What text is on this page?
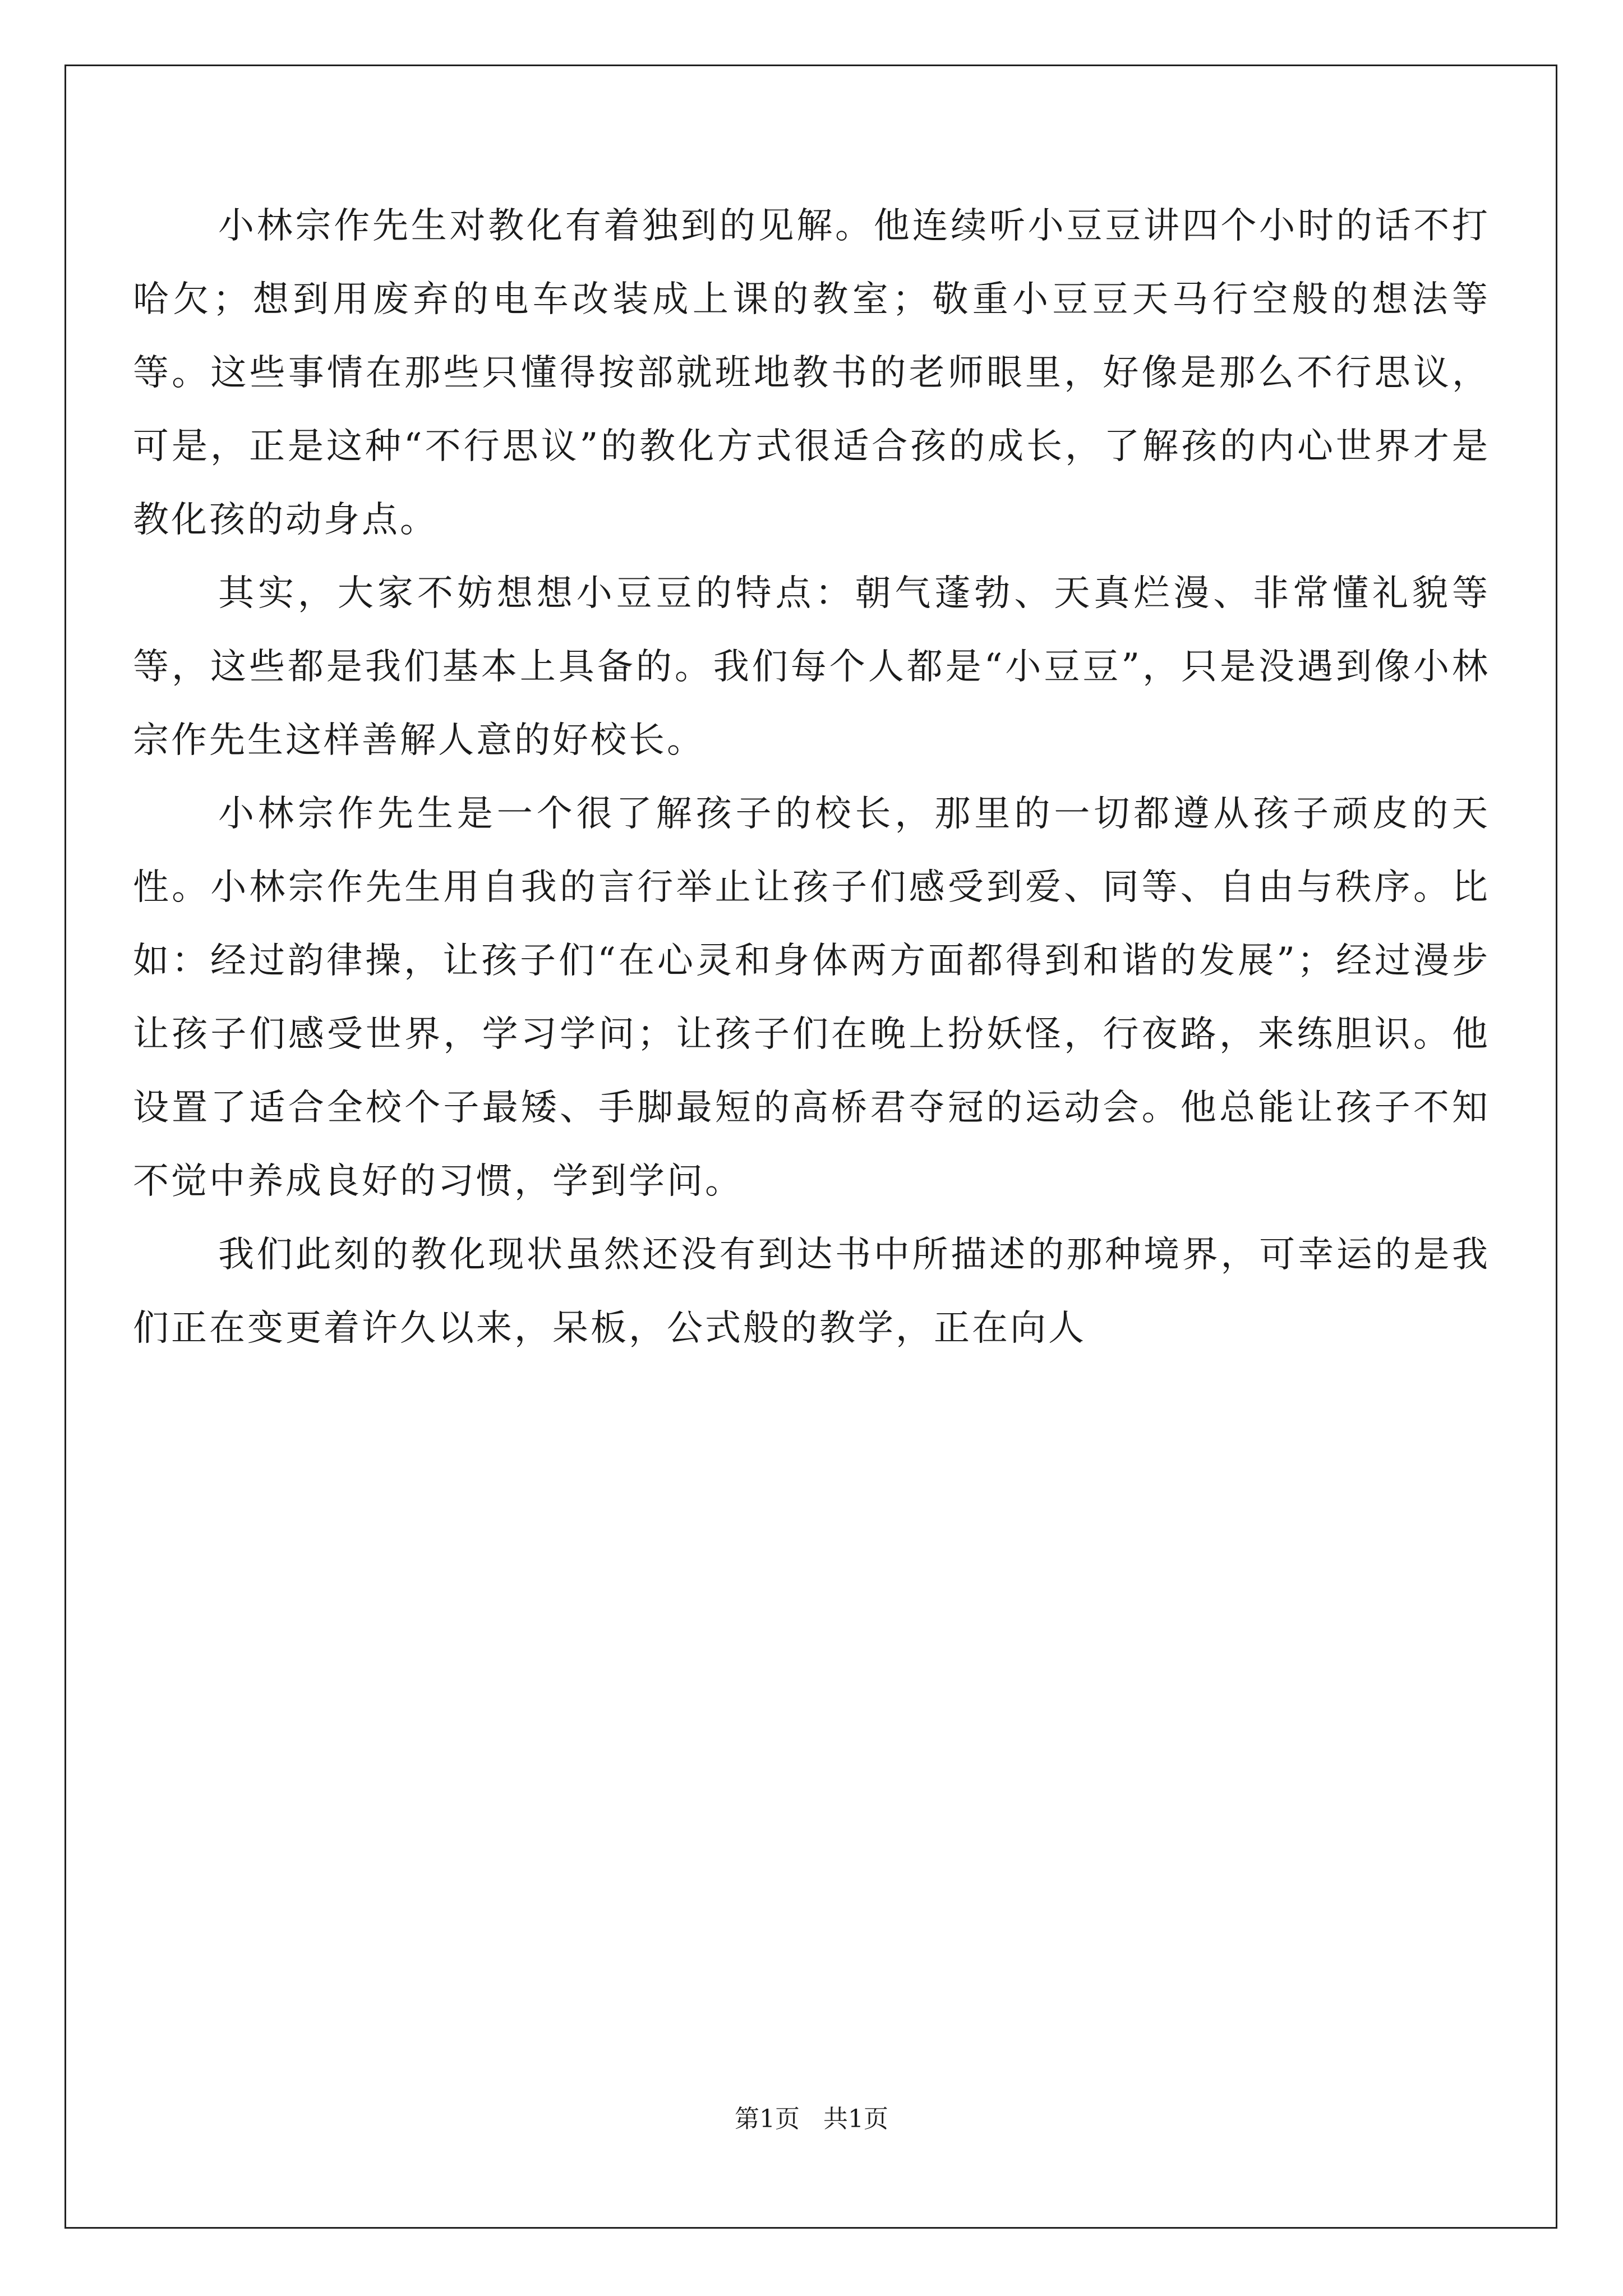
小林宗作先生对教化有着独到的见解。他连续听小豆豆讲四个小时的话不打哈欠；想到用废弃的电车改装成上课的教室；敬重小豆豆天马行空般的想法等等。这些事情在那些只懂得按部就班地教书的老师眼里，好像是那么不行思议，可是，正是这种“不行思议”的教化方式很适合孩的成长，了解孩的内心世界才是教化孩的动身点。

其实，大家不妨想想小豆豆的特点：朝气蓬勃、天真烂漫、非常懂礼貌等等，这些都是我们基本上具备的。我们每个人都是“小豆豆”，只是没遇到像小林宗作先生这样善解人意的好校长。

小林宗作先生是一个很了解孩子的校长，那里的一切都遵从孩子顽皮的天性。小林宗作先生用自我的言行举止让孩子们感受到爱、同等、自由与秩序。比如：经过韵律操，让孩子们“在心灵和身体两方面都得到和谐的发展”；经过漫步让孩子们感受世界，学习学问；让孩子们在晚上扮妖怪，行夜路，来练胆识。他设置了适合全校个子最矮、手脚最短的高桥君夺冠的运动会。他总能让孩子不知不觉中养成良好的习惯，学到学问。

我们此刻的教化现状虽然还没有到达书中所描述的那种境界，可幸运的是我们正在变更着许久以来，呆板，公式般的教学，正在向人

第1页   共1页
